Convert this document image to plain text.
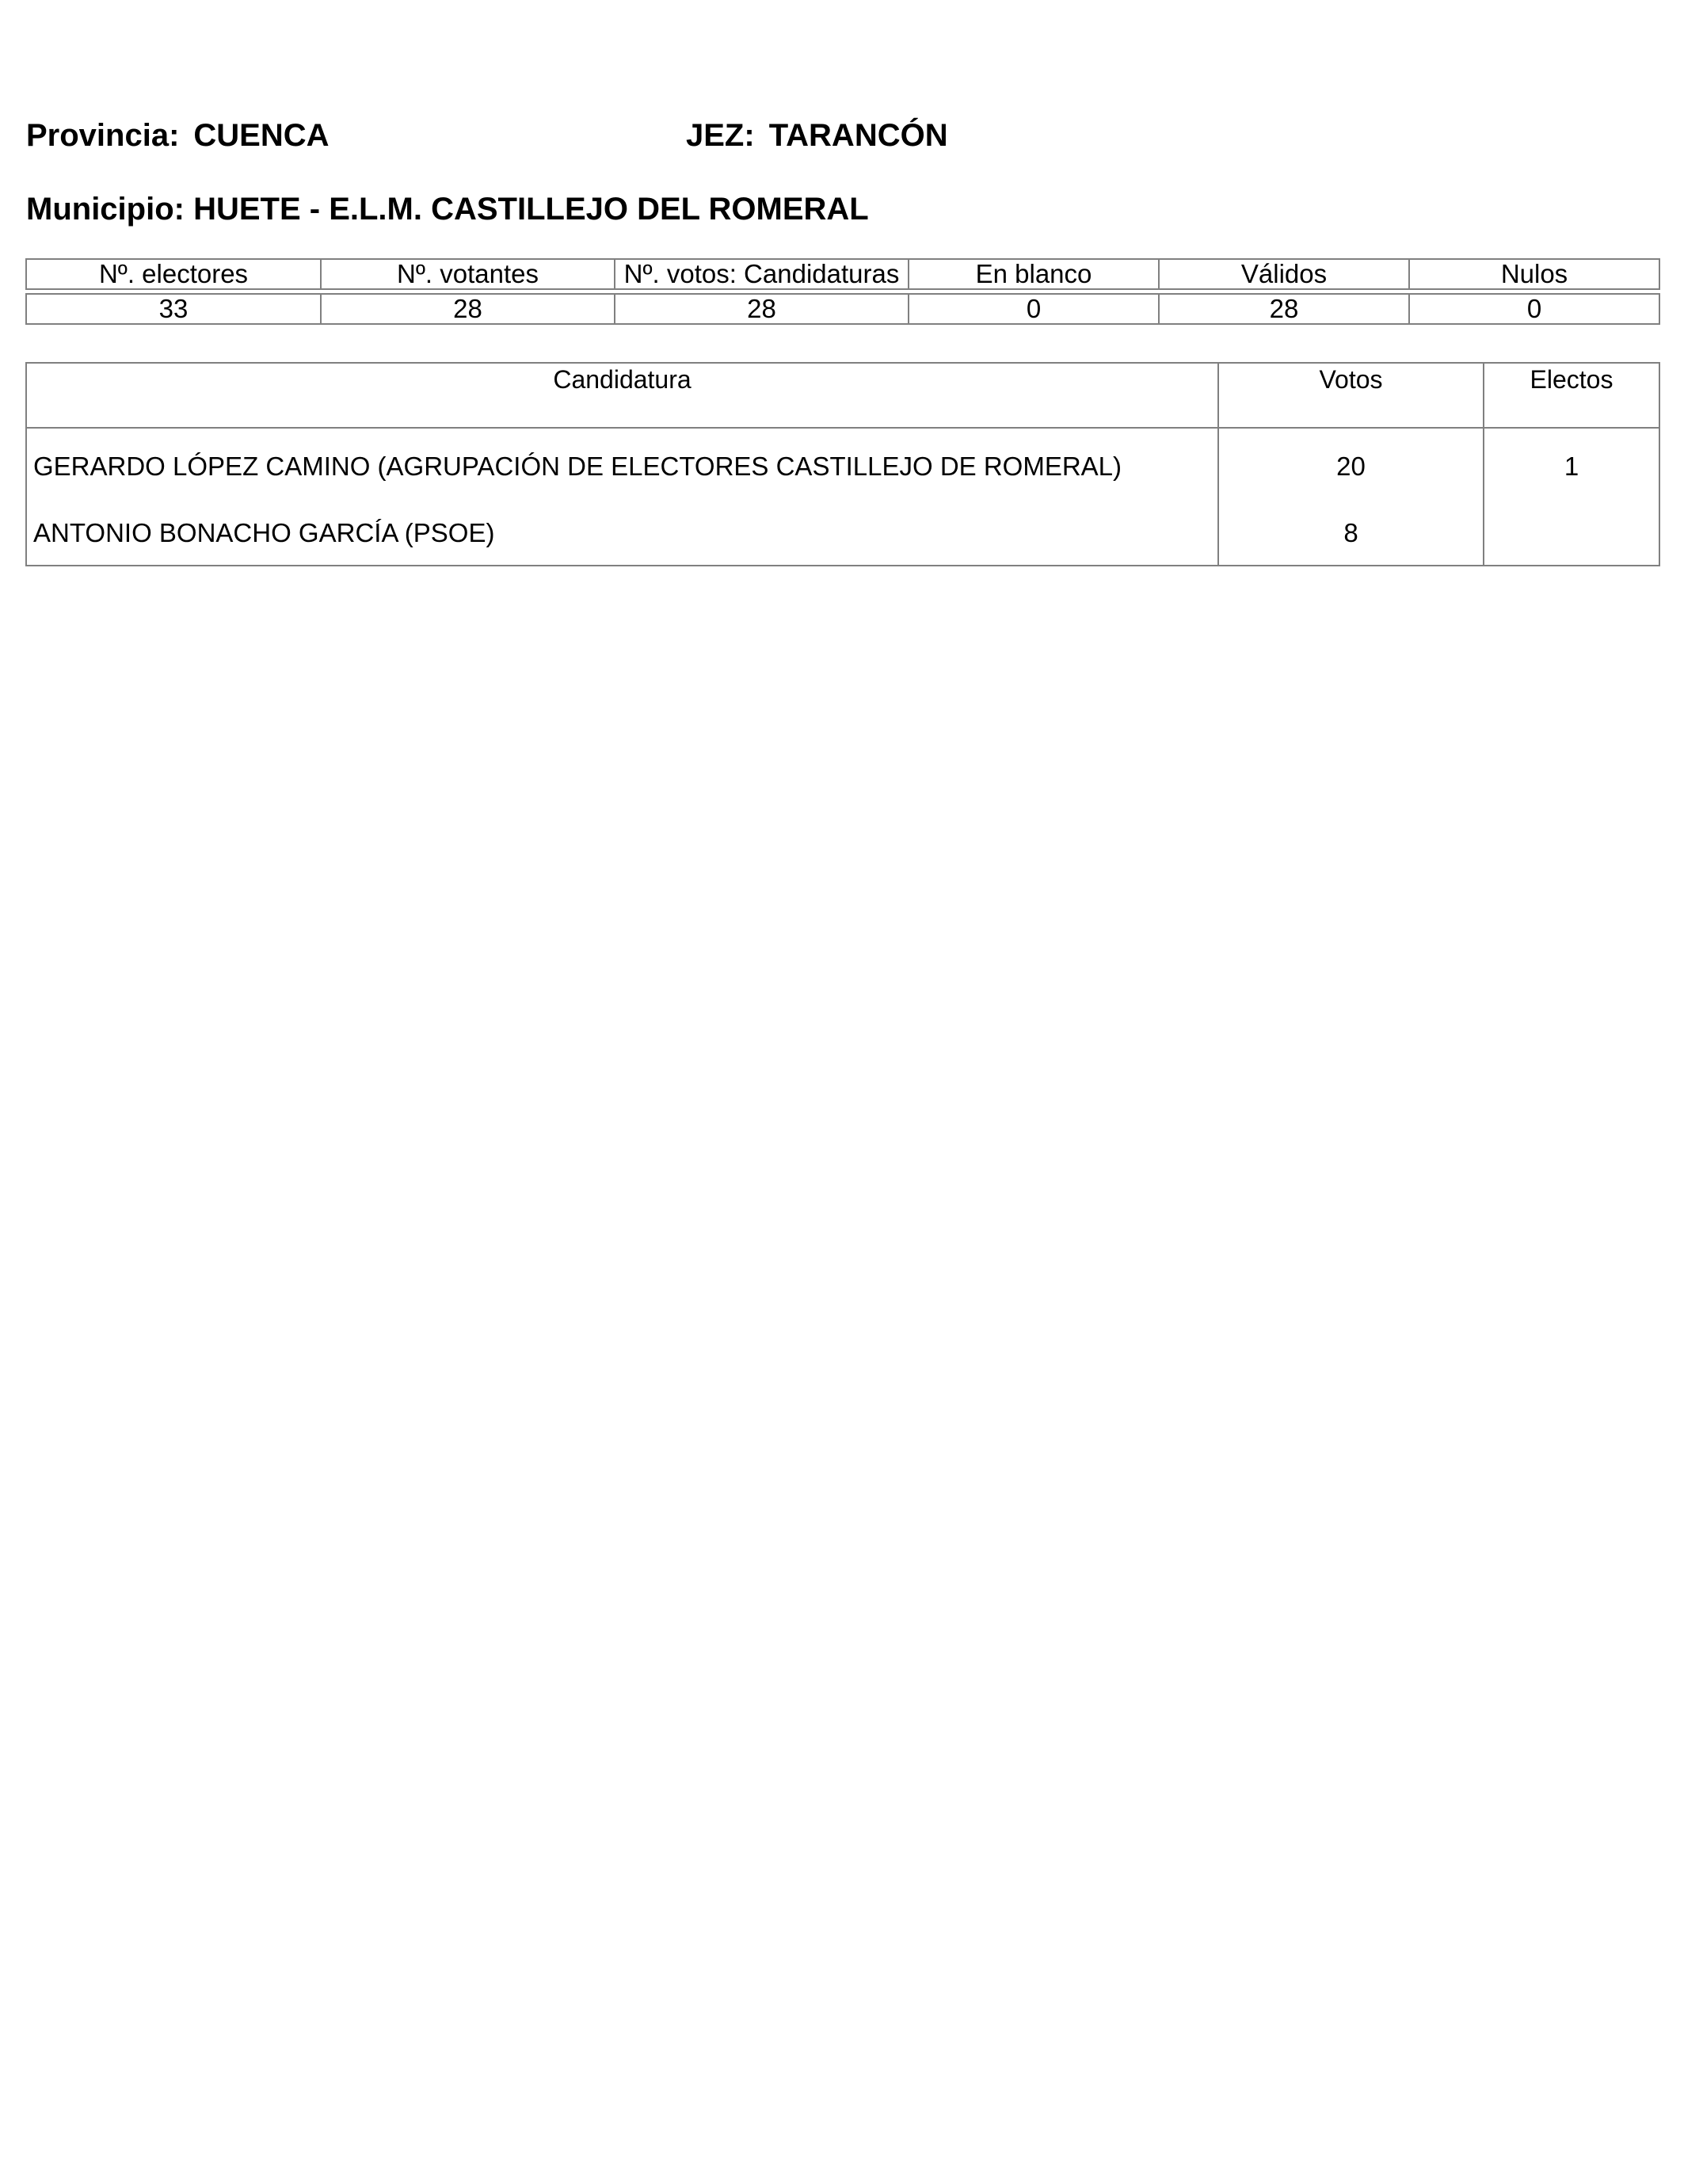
Provincia: CUENCA	JEZ: TARANCÓN
Municipio: HUETE - E.L.M. CASTILLEJO DEL ROMERAL
Nº. electores	Nº. votantes	Nº. votos: Candidaturas	En blanco	Válidos	Nulos

33	28	28	0	28	0
Candidatura	Votos	Electos
GERARDO LÓPEZ CAMINO (AGRUPACIÓN DE ELECTORES CASTILLEJO DE ROMERAL)	20	1
ANTONIO BONACHO GARCÍA (PSOE)	8	
